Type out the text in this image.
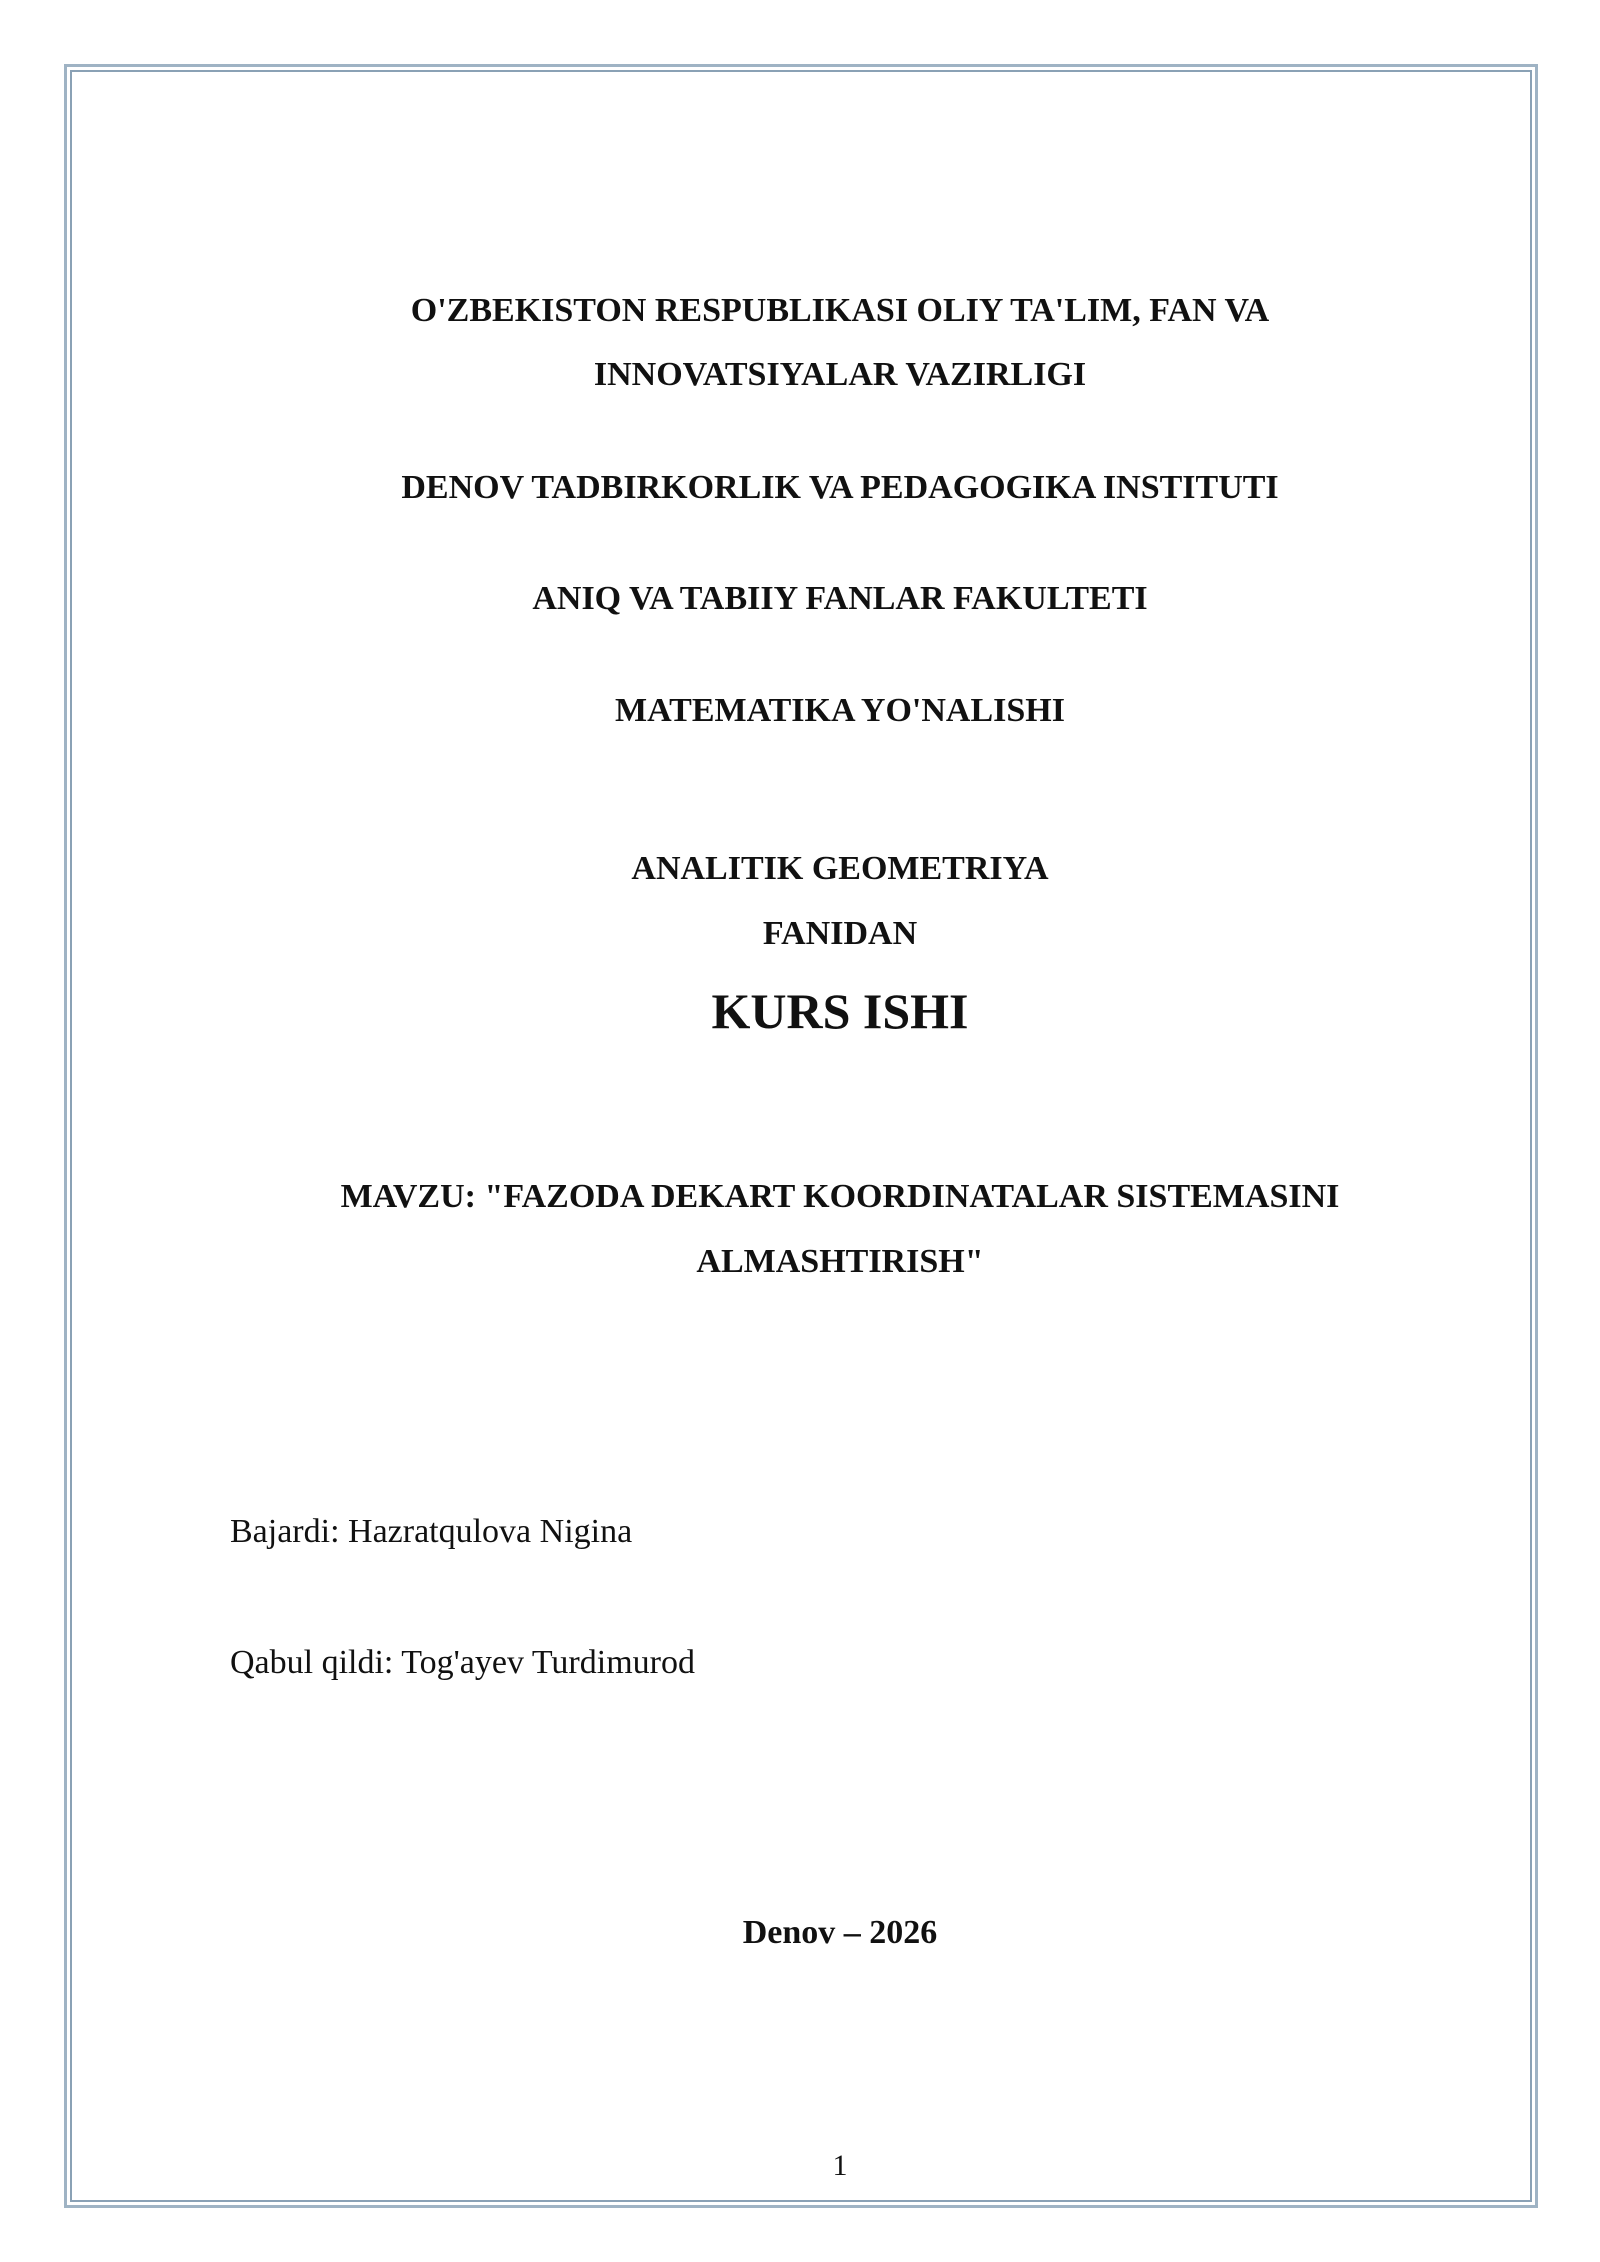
O'ZBEKISTON RESPUBLIKASI OLIY TA'LIM, FAN VA
INNOVATSIYALAR VAZIRLIGI
DENOV TADBIRKORLIK VA PEDAGOGIKA INSTITUTI
ANIQ VA TABIIY FANLAR FAKULTETI
MATEMATIKA YO'NALISHI
ANALITIK GEOMETRIYA
FANIDAN
KURS ISHI
MAVZU: "FAZODA DEKART KOORDINATALAR SISTEMASINI
ALMASHTIRISH"
Bajardi: Hazratqulova Nigina
Qabul qildi: Tog'ayev Turdimurod
Denov – 2026
1
